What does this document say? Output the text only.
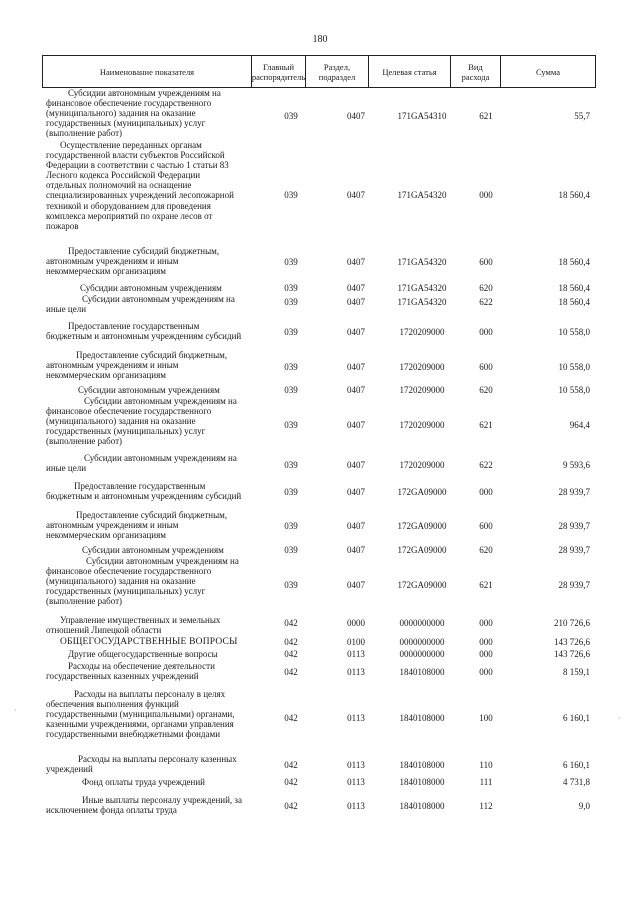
180
Наименование показателя	Главный
распорядитель
Раздел,
подраздел	Целевая статья	Вид
расхода	Сумма
Субсидии автономным учреждениям на
финансовое обеспечение государственного
(муниципального) задания на оказание
государственных (муниципальных) услуг
(выполнение работ)
039	0407	171GA54310	621	55,7
Осуществление переданных органам
государственной власти субъектов Российской
Федерации в соответствии с частью 1 статьи 83
Лесного кодекса Российской Федерации
отдельных полномочий на оснащение
специализированных учреждений лесопожарной
техникой и оборудованием для проведения
комплекса мероприятий по охране лесов от
пожаров
039	0407	171GA54320	000	18 560,4
Предоставление субсидий бюджетным,
автономным учреждениям и иным
некоммерческим организациям
039	0407	171GA54320	600	18 560,4
Субсидии автономным учреждениям	039	0407	171GA54320	620	18 560,4
Субсидии автономным учреждениям на
иные цели
039	0407	171GA54320	622	18 560,4
Предоставление государственным
бюджетным и автономным учреждениям субсидий	039	0407	1720209000	000	10 558,0
Предоставление субсидий бюджетным,
автономным учреждениям и иным
некоммерческим организациям
039	0407	1720209000	600	10 558,0
Субсидии автономным учреждениям	039	0407	1720209000	620	10 558,0
Субсидии автономным учреждениям на
финансовое обеспечение государственного
(муниципального) задания на оказание
государственных (муниципальных) услуг
(выполнение работ)
039	0407	1720209000	621	964,4
Субсидии автономным учреждениям на
иные цели	039	0407	1720209000	622	9 593,6
Предоставление государственным
бюджетным и автономным учреждениям субсидий	039	0407	172GA09000	000	28 939,7
Предоставление субсидий бюджетным,
автономным учреждениям и иным
некоммерческим организациям
039	0407	172GA09000	600	28 939,7
Субсидии автономным учреждениям	039	0407	172GA09000	620	28 939,7
Субсидии автономным учреждениям на
финансовое обеспечение государственного
(муниципального) задания на оказание
государственных (муниципальных) услуг
(выполнение работ)
039	0407	172GA09000	621	28 939,7
Управление имущественных и земельных
отношений Липецкой области
042	0000	0000000000	000	210 726,6
ОБЩЕГОСУДАРСТВЕННЫЕ ВОПРОСЫ	042	0100	0000000000	000	143 726,6
Другие общегосударственные вопросы	042	0113	0000000000	000	143 726,6
Расходы на обеспечение деятельности
государственных казенных учреждений	042	0113	1840108000	000	8 159,1
Расходы на выплаты персоналу в целях
обеспечения выполнения функций
государственными (муниципальными) органами,
казенными учреждениями, органами управления
государственными внебюджетными фондами
042	0113	1840108000	100	6 160,1
Расходы на выплаты персоналу казенных
учреждений	042	0113	1840108000	110	6 160,1
Фонд оплаты труда учреждений	042	0113	1840108000	111	4 731,8
Иные выплаты персоналу учреждений, за
исключением фонда оплаты труда	042	0113	1840108000	112	9,0
·
·
